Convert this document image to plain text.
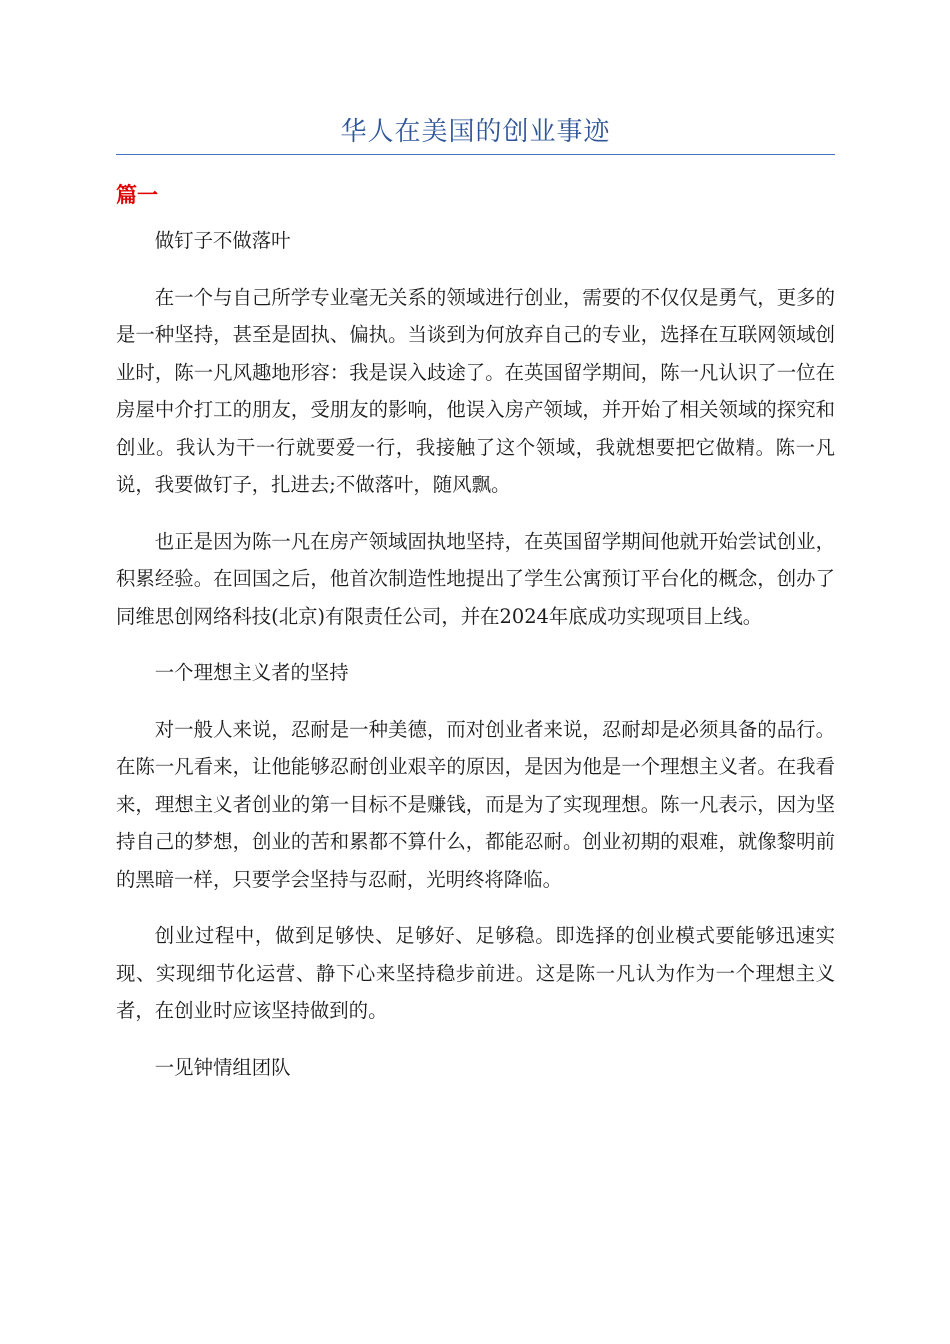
华人在美国的创业事迹
篇一

做钉子不做落叶

在一个与自己所学专业毫无关系的领域进行创业，需要的不仅仅是勇气，更多的是一种坚持，甚至是固执、偏执。当谈到为何放弃自己的专业，选择在互联网领域创业时，陈一凡风趣地形容：我是误入歧途了。在英国留学期间，陈一凡认识了一位在房屋中介打工的朋友，受朋友的影响，他误入房产领域，并开始了相关领域的探究和创业。我认为干一行就要爱一行，我接触了这个领域，我就想要把它做精。陈一凡说，我要做钉子，扎进去;不做落叶，随风飘。

也正是因为陈一凡在房产领域固执地坚持，在英国留学期间他就开始尝试创业，积累经验。在回国之后，他首次制造性地提出了学生公寓预订平台化的概念，创办了同维思创网络科技(北京)有限责任公司，并在2024年底成功实现项目上线。

一个理想主义者的坚持

对一般人来说，忍耐是一种美德，而对创业者来说，忍耐却是必须具备的品行。在陈一凡看来，让他能够忍耐创业艰辛的原因，是因为他是一个理想主义者。在我看来，理想主义者创业的第一目标不是赚钱，而是为了实现理想。陈一凡表示，因为坚持自己的梦想，创业的苦和累都不算什么，都能忍耐。创业初期的艰难，就像黎明前的黑暗一样，只要学会坚持与忍耐，光明终将降临。

创业过程中，做到足够快、足够好、足够稳。即选择的创业模式要能够迅速实现、实现细节化运营、静下心来坚持稳步前进。这是陈一凡认为作为一个理想主义者，在创业时应该坚持做到的。

一见钟情组团队
